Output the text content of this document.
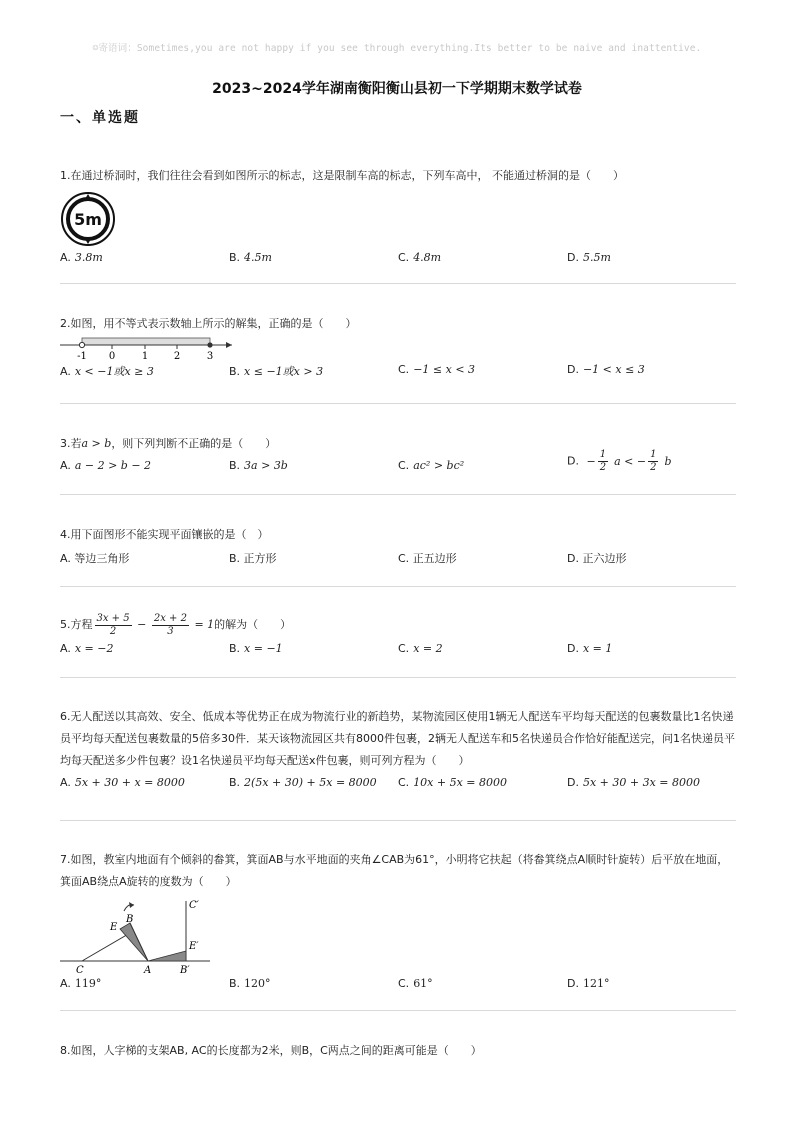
☺寄语词：Sometimes,you are not happy if you see through everything.Its better to be naive and inattentive.
2023~2024学年湖南衡阳衡山县初一下学期期末数学试卷
一、单选题
1.在通过桥洞时，我们往往会看到如图所示的标志，这是限制车高的标志，下列车高中， 不能通过桥洞的是（　　）
5m
A. 3.8m	B. 4.5m	C. 4.8m	D. 5.5m
2.如图，用不等式表示数轴上所示的解集，正确的是（　　）
-1 0	1	2	3
A. x < −1或x ≥ 3	B. x ≤ −1或x > 3	C. −1 ≤ x < 3	D. −1 < x ≤ 3
3.若a > b，则下列判断不正确的是（　　）
A. a − 2 > b − 2	B. 3a > 3b	C. ac² > bc²	D. − $\frac{1}{2}$ a < − $\frac{1}{2}$ b
4.用下面图形不能实现平面镶嵌的是（　）
A. 等边三角形	B. 正方形	C. 正五边形	D. 正六边形
5.方程 $\frac{3x + 5}{2} - \frac{2x + 2}{3} = 1$的解为（　　）
A. x = −2	B. x = −1	C. x = 2	D. x = 1
6.无人配送以其高效、安全、低成本等优势正在成为物流行业的新趋势，某物流园区使用1辆无人配送车平均每天配送的包裹数量比1名快递
员平均每天配送包裹数量的5倍多30件．某天该物流园区共有8000件包裹，2辆无人配送车和5名快递员合作恰好能配送完，问1名快递员平
均每天配送多少件包裹？设1名快递员平均每天配送x件包裹，则可列方程为（　　）
A. 5x + 30 + x = 8000	B. 2(5x + 30) + 5x = 8000 C. 10x + 5x = 8000	D. 5x + 30 + 3x = 8000
7.如图，教室内地面有个倾斜的畚箕，箕面AB与水平地面的夹角∠CAB为61°，小明将它扶起（将畚箕绕点A顺时针旋转）后平放在地面，
箕面AB绕点A旋转的度数为（　　）
C′
B
E
E′
C	A	B′
A. 119°	B. 120°	C. 61°	D. 121°
8.如图，人字梯的支架AB, AC的长度都为2米，则B，C两点之间的距离可能是（　　）
